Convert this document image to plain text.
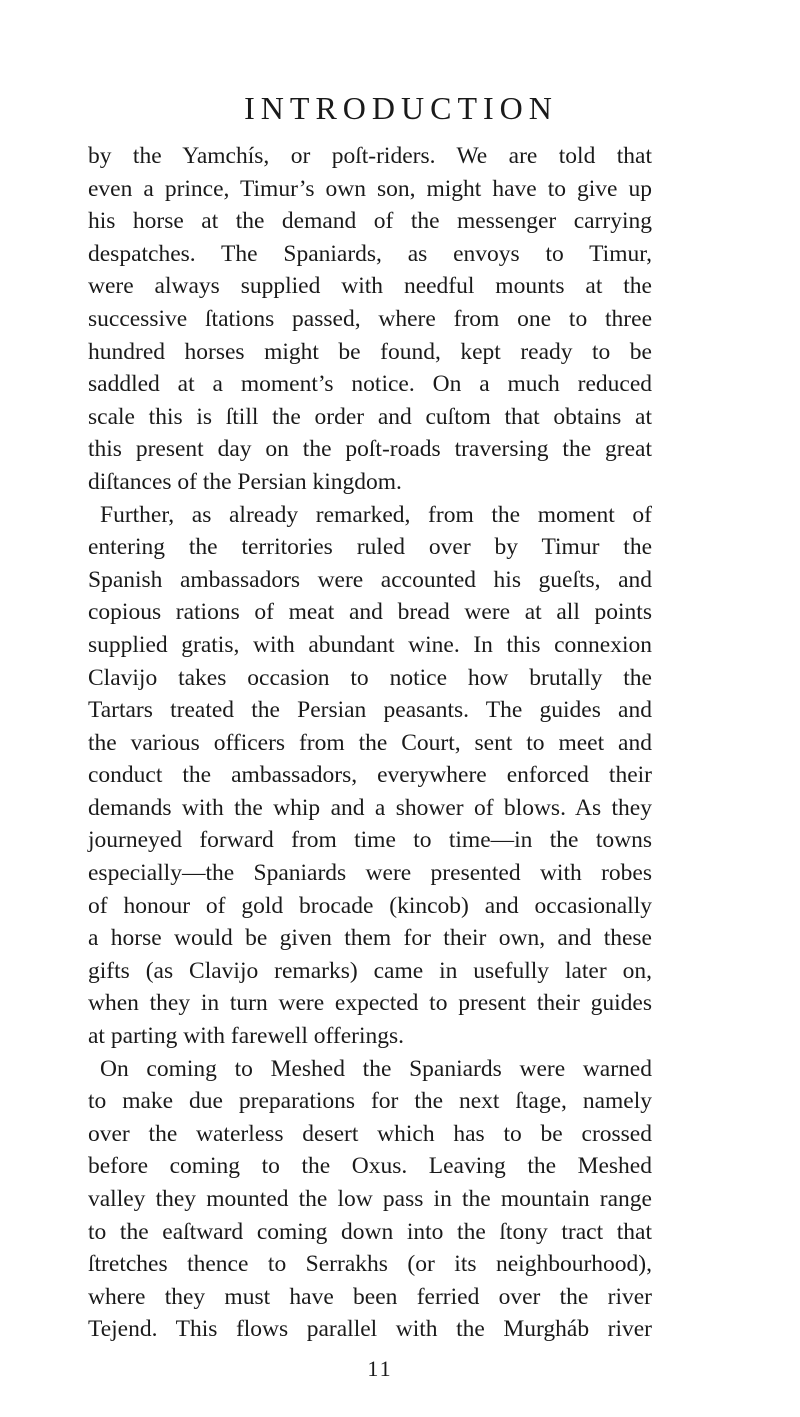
INTRODUCTION
by the Yamchís, or poſt-riders. We are told that
even a prince, Timur’s own son, might have to give up
his horse at the demand of the messenger carrying
despatches. The Spaniards, as envoys to Timur,
were always supplied with needful mounts at the
successive ſtations passed, where from one to three
hundred horses might be found, kept ready to be
saddled at a moment’s notice. On a much reduced
scale this is ſtill the order and cuſtom that obtains at
this present day on the poſt-roads traversing the great
diſtances of the Persian kingdom.
Further, as already remarked, from the moment of
entering the territories ruled over by Timur the
Spanish ambassadors were accounted his gueſts, and
copious rations of meat and bread were at all points
supplied gratis, with abundant wine. In this connexion
Clavijo takes occasion to notice how brutally the
Tartars treated the Persian peasants. The guides and
the various officers from the Court, sent to meet and
conduct the ambassadors, everywhere enforced their
demands with the whip and a shower of blows. As they
journeyed forward from time to time—in the towns
especially—the Spaniards were presented with robes
of honour of gold brocade (kincob) and occasionally
a horse would be given them for their own, and these
gifts (as Clavijo remarks) came in usefully later on,
when they in turn were expected to present their guides
at parting with farewell offerings.
On coming to Meshed the Spaniards were warned
to make due preparations for the next ſtage, namely
over the waterless desert which has to be crossed
before coming to the Oxus. Leaving the Meshed
valley they mounted the low pass in the mountain range
to the eaſtward coming down into the ſtony tract that
ſtretches thence to Serrakhs (or its neighbourhood),
where they must have been ferried over the river
Tejend. This flows parallel with the Murgháb river
11
